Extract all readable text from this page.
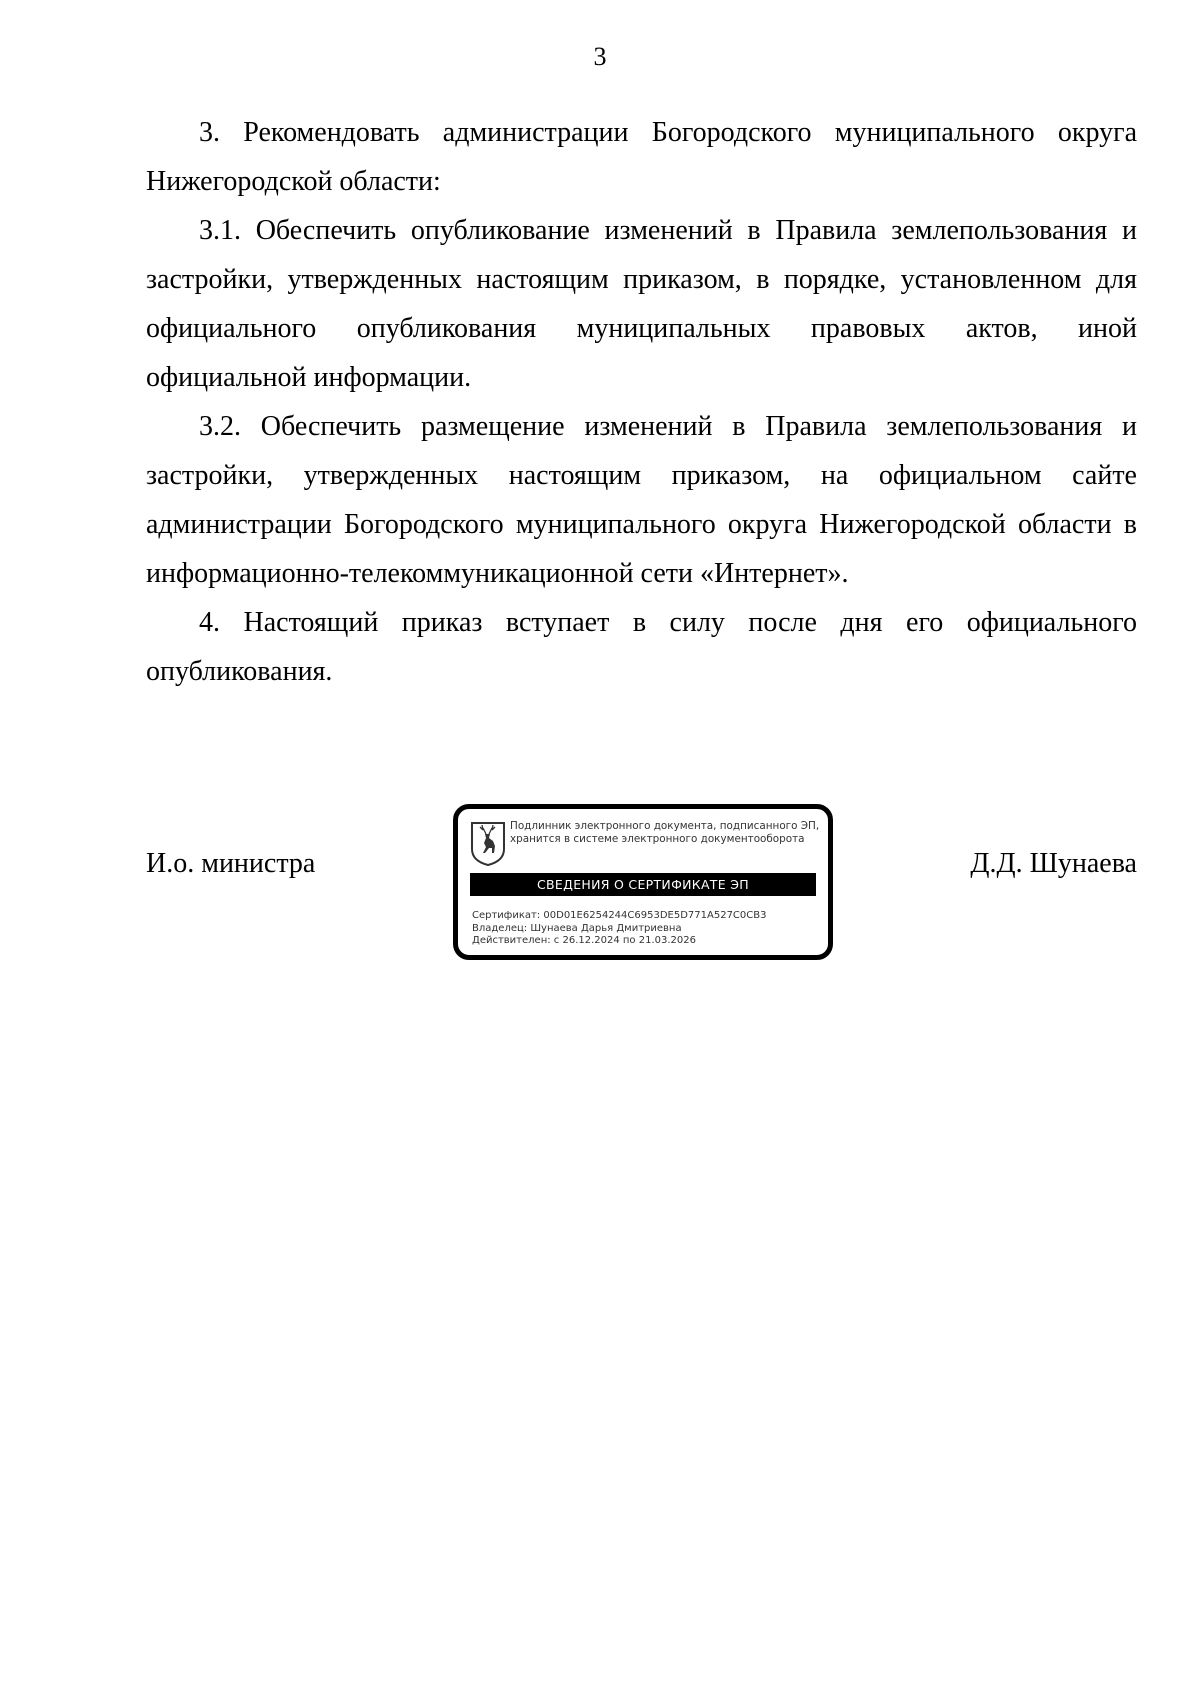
3

3. Рекомендовать администрации Богородского муниципального округа Нижегородской области:

3.1. Обеспечить опубликование изменений в Правила землепользования и застройки, утвержденных настоящим приказом, в порядке, установленном для официального опубликования муниципальных правовых актов, иной официальной информации.

3.2. Обеспечить размещение изменений в Правила землепользования и застройки, утвержденных настоящим приказом, на официальном сайте администрации Богородского муниципального округа Нижегородской области в информационно-телекоммуникационной сети «Интернет».

4. Настоящий приказ вступает в силу после дня его официального опубликования.

И.о. министра
Подлинник электронного документа, подписанного ЭП,
хранится в системе электронного документооборота
СВЕДЕНИЯ О СЕРТИФИКАТЕ ЭП
Сертификат: 00D01E6254244C6953DE5D771A527C0CB3
Владелец: Шунаева Дарья Дмитриевна
Действителен: с 26.12.2024 по 21.03.2026
Д.Д. Шунаева
